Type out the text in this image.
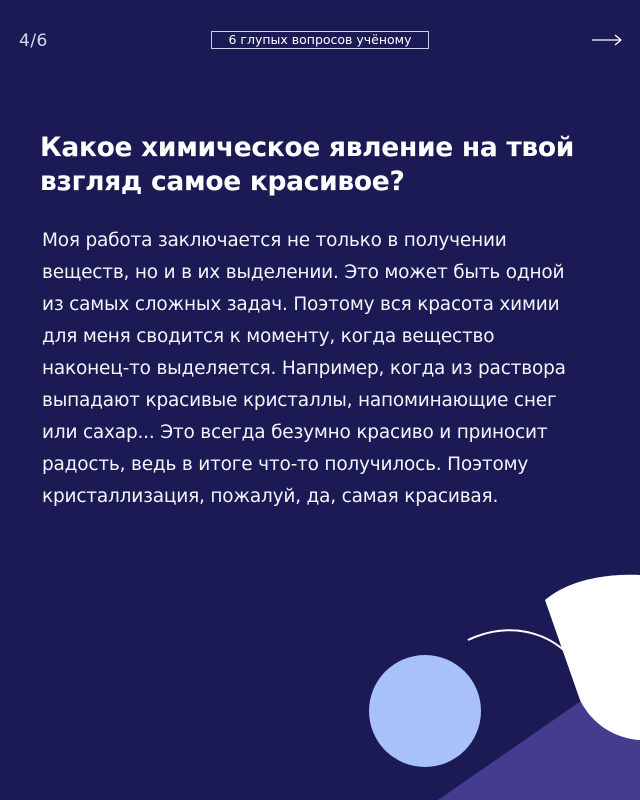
4/6	6 глупых вопросов учёному
Какое химическое явление на твой
взгляд самое красивое?
Моя работа заключается не только в получении
веществ, но и в их выделении. Это может быть одной
из самых сложных задач. Поэтому вся красота химии
для меня сводится к моменту, когда вещество
наконец-то выделяется. Например, когда из раствора
выпадают красивые кристаллы, напоминающие снег
или сахар... Это всегда безумно красиво и приносит
радость, ведь в итоге что-то получилось. Поэтому
кристаллизация, пожалуй, да, самая красивая.
